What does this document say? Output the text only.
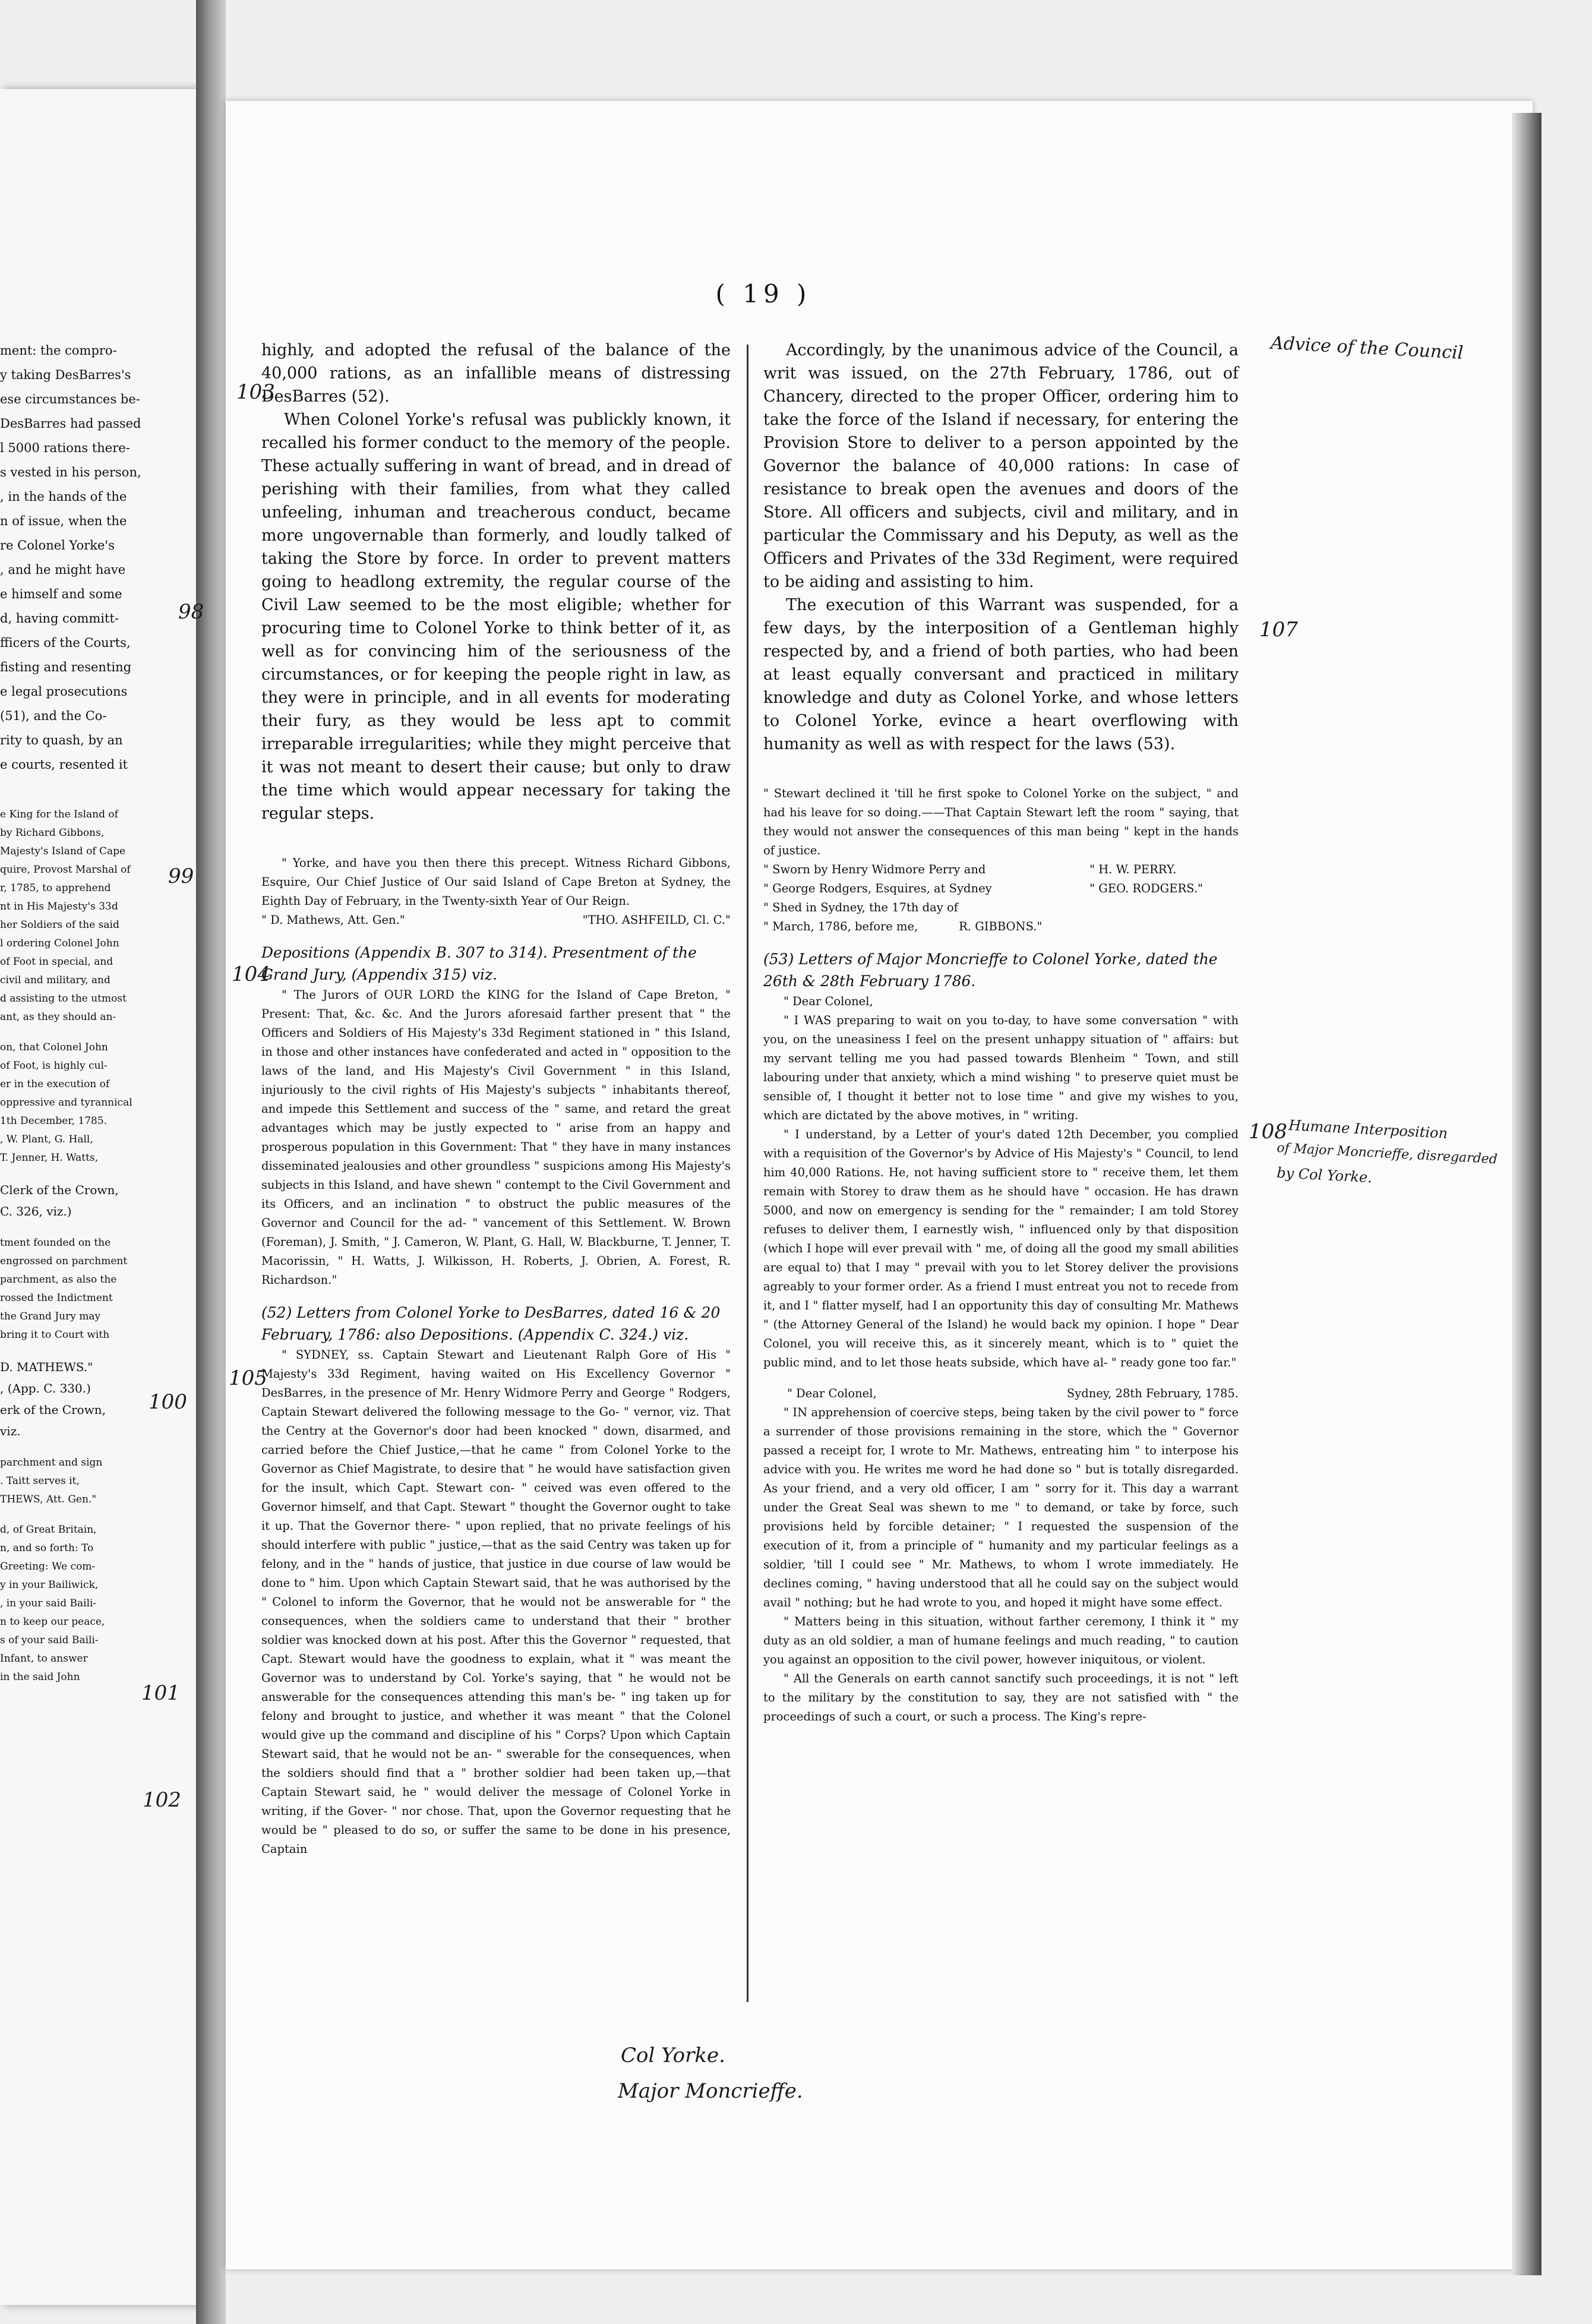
ment: the compro-

y taking DesBarres's

ese circumstances be-

DesBarres had passed

l 5000 rations there-

s vested in his person,

, in the hands of the

n of issue, when the

re Colonel Yorke's

, and he might have

e himself and some

d, having committ-

fficers of the Courts,

fisting and resenting

e legal prosecutions

(51), and the Co-

rity to quash, by an

e courts, resented it

e King for the Island of

by Richard Gibbons,

Majesty's Island of Cape

quire, Provost Marshal of

r, 1785, to apprehend

nt in His Majesty's 33d

her Soldiers of the said

l ordering Colonel John

of Foot in special, and

civil and military, and

d assisting to the utmost

ant, as they should an-

on, that Colonel John

of Foot, is highly cul-

er in the execution of

oppressive and tyrannical

1th December, 1785.

, W. Plant, G. Hall,

T. Jenner, H. Watts,

Clerk of the Crown,

C. 326, viz.)

tment founded on the

engrossed on parchment

parchment, as also the

rossed the Indictment

the Grand Jury may

bring it to Court with

D. MATHEWS."

, (App. C. 330.)

erk of the Crown,

viz.

parchment and sign

. Taitt serves it,

THEWS, Att. Gen."

d, of Great Britain,

n, and so forth: To

Greeting: We com-

y in your Bailiwick,

, in your said Baili-

n to keep our peace,

s of your said Baili-

Infant, to answer

in the said John

( 19 )

highly, and adopted the refusal of the balance of the 40,000 rations, as an infallible means of distressing DesBarres (52).

When Colonel Yorke's refusal was publickly known, it recalled his former conduct to the memory of the people. These actually suffering in want of bread, and in dread of perishing with their families, from what they called unfeeling, inhuman and treacherous conduct, became more ungovernable than formerly, and loudly talked of taking the Store by force. In order to prevent matters going to headlong extremity, the regular course of the Civil Law seemed to be the most eligible; whether for procuring time to Colonel Yorke to think better of it, as well as for convincing him of the seriousness of the circumstances, or for keeping the people right in law, as they were in principle, and in all events for moderating their fury, as they would be less apt to commit irreparable irregularities; while they might perceive that it was not meant to desert their cause; but only to draw the time which would appear necessary for taking the regular steps.

" Yorke, and have you then there this precept. Witness Richard Gibbons, Esquire, Our Chief Justice of Our said Island of Cape Breton at Sydney, the Eighth Day of February, in the Twenty-sixth Year of Our Reign.

" D. Mathews, Att. Gen."	"THO. ASHFEILD, Cl. C."
Depositions (Appendix B. 307 to 314). Presentment of the Grand Jury, (Appendix 315) viz.

" The Jurors of OUR LORD the KING for the Island of Cape Breton, " Present: That, &c. &c. And the Jurors aforesaid farther present that " the Officers and Soldiers of His Majesty's 33d Regiment stationed in " this Island, in those and other instances have confederated and acted in " opposition to the laws of the land, and His Majesty's Civil Government " in this Island, injuriously to the civil rights of His Majesty's subjects " inhabitants thereof, and impede this Settlement and success of the " same, and retard the great advantages which may be justly expected to " arise from an happy and prosperous population in this Government: That " they have in many instances disseminated jealousies and other groundless " suspicions among His Majesty's subjects in this Island, and have shewn " contempt to the Civil Government and its Officers, and an inclination " to obstruct the public measures of the Governor and Council for the ad- " vancement of this Settlement. W. Brown (Foreman), J. Smith, " J. Cameron, W. Plant, G. Hall, W. Blackburne, T. Jenner, T. Macorissin, " H. Watts, J. Wilkisson, H. Roberts, J. Obrien, A. Forest, R. Richardson."

(52) Letters from Colonel Yorke to DesBarres, dated 16 & 20 February, 1786: also Depositions. (Appendix C. 324.) viz.

" SYDNEY, ss. Captain Stewart and Lieutenant Ralph Gore of His " Majesty's 33d Regiment, having waited on His Excellency Governor " DesBarres, in the presence of Mr. Henry Widmore Perry and George " Rodgers, Captain Stewart delivered the following message to the Go- " vernor, viz. That the Centry at the Governor's door had been knocked " down, disarmed, and carried before the Chief Justice,—that he came " from Colonel Yorke to the Governor as Chief Magistrate, to desire that " he would have satisfaction given for the insult, which Capt. Stewart con- " ceived was even offered to the Governor himself, and that Capt. Stewart " thought the Governor ought to take it up. That the Governor there- " upon replied, that no private feelings of his should interfere with public " justice,—that as the said Centry was taken up for felony, and in the " hands of justice, that justice in due course of law would be done to " him. Upon which Captain Stewart said, that he was authorised by the " Colonel to inform the Governor, that he would not be answerable for " the consequences, when the soldiers came to understand that their " brother soldier was knocked down at his post. After this the Governor " requested, that Capt. Stewart would have the goodness to explain, what it " was meant the Governor was to understand by Col. Yorke's saying, that " he would not be answerable for the consequences attending this man's be- " ing taken up for felony and brought to justice, and whether it was meant " that the Colonel would give up the command and discipline of his " Corps? Upon which Captain Stewart said, that he would not be an- " swerable for the consequences, when the soldiers should find that a " brother soldier had been taken up,—that Captain Stewart said, he " would deliver the message of Colonel Yorke in writing, if the Gover- " nor chose. That, upon the Governor requesting that he would be " pleased to do so, or suffer the same to be done in his presence, Captain

Accordingly, by the unanimous advice of the Council, a writ was issued, on the 27th February, 1786, out of Chancery, directed to the proper Officer, ordering him to take the force of the Island if necessary, for entering the Provision Store to deliver to a person appointed by the Governor the balance of 40,000 rations: In case of resistance to break open the avenues and doors of the Store. All officers and subjects, civil and military, and in particular the Commissary and his Deputy, as well as the Officers and Privates of the 33d Regiment, were required to be aiding and assisting to him.

The execution of this Warrant was suspended, for a few days, by the interposition of a Gentleman highly respected by, and a friend of both parties, who had been at least equally conversant and practiced in military knowledge and duty as Colonel Yorke, and whose letters to Colonel Yorke, evince a heart overflowing with humanity as well as with respect for the laws (53).

" Stewart declined it 'till he first spoke to Colonel Yorke on the subject, " and had his leave for so doing.——That Captain Stewart left the room " saying, that they would not answer the consequences of this man being " kept in the hands of justice.

" Sworn by Henry Widmore Perry and

" George Rodgers, Esquires, at Sydney

" Shed in Sydney, the 17th day of

" March, 1786, before me,

" H. W. PERRY.

" GEO. RODGERS."

R. GIBBONS."

(53) Letters of Major Moncrieffe to Colonel Yorke, dated the 26th & 28th February 1786.

" Dear Colonel,

" I WAS preparing to wait on you to-day, to have some conversation " with you, on the uneasiness I feel on the present unhappy situation of " affairs: but my servant telling me you had passed towards Blenheim " Town, and still labouring under that anxiety, which a mind wishing " to preserve quiet must be sensible of, I thought it better not to lose time " and give my wishes to you, which are dictated by the above motives, in " writing.

" I understand, by a Letter of your's dated 12th December, you complied with a requisition of the Governor's by Advice of His Majesty's " Council, to lend him 40,000 Rations. He, not having sufficient store to " receive them, let them remain with Storey to draw them as he should have " occasion. He has drawn 5000, and now on emergency is sending for the " remainder; I am told Storey refuses to deliver them, I earnestly wish, " influenced only by that disposition (which I hope will ever prevail with " me, of doing all the good my small abilities are equal to) that I may " prevail with you to let Storey deliver the provisions agreably to your former order. As a friend I must entreat you not to recede from it, and I " flatter myself, had I an opportunity this day of consulting Mr. Mathews " (the Attorney General of the Island) he would back my opinion. I hope " Dear Colonel, you will receive this, as it sincerely meant, which is to " quiet the public mind, and to let those heats subside, which have al- " ready gone too far."

" Dear Colonel,	Sydney, 28th February, 1785.

" IN apprehension of coercive steps, being taken by the civil power to " force a surrender of those provisions remaining in the store, which the " Governor passed a receipt for, I wrote to Mr. Mathews, entreating him " to interpose his advice with you. He writes me word he had done so " but is totally disregarded. As your friend, and a very old officer, I am " sorry for it. This day a warrant under the Great Seal was shewn to me " to demand, or take by force, such provisions held by forcible detainer; " I requested the suspension of the execution of it, from a principle of " humanity and my particular feelings as a soldier, 'till I could see " Mr. Mathews, to whom I wrote immediately. He declines coming, " having understood that all he could say on the subject would avail " nothing; but he had wrote to you, and hoped it might have some effect.

" Matters being in this situation, without farther ceremony, I think it " my duty as an old soldier, a man of humane feelings and much reading, " to caution you against an opposition to the civil power, however iniquitous, or violent.

" All the Generals on earth cannot sanctify such proceedings, it is not " left to the military by the constitution to say, they are not satisfied with " the proceedings of such a court, or such a process. The King's repre-

Advice of the Council
103
98
99
104
100
105
101
102
107
108 Humane Interposition
of Major Moncrieffe, disregarded
by Col Yorke.
Col Yorke.
Major Moncrieffe.
